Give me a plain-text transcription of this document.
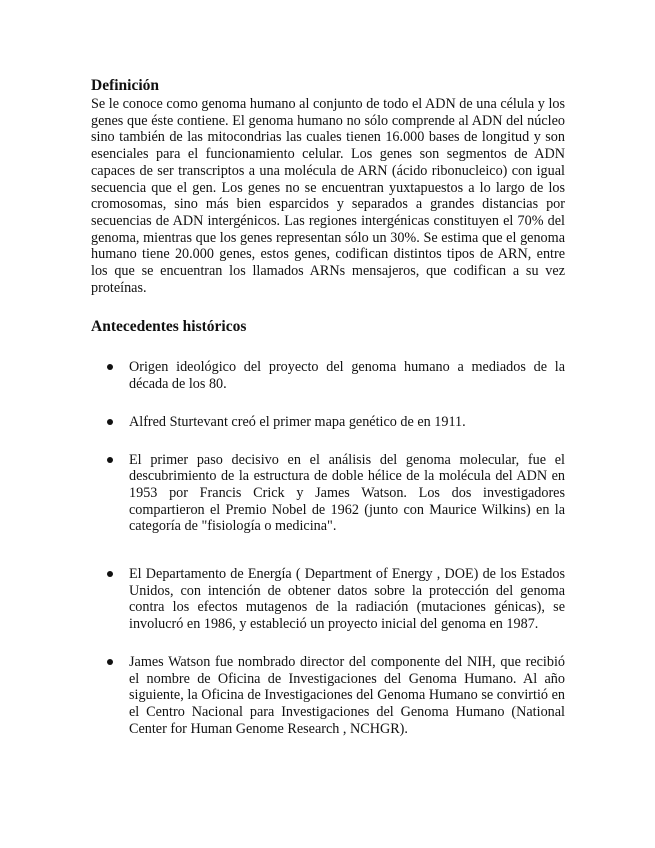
Definición

Se le conoce como genoma humano al conjunto de todo el ADN de una célula y los genes que éste contiene. El genoma humano no sólo comprende al ADN del núcleo sino también de las mitocondrias las cuales tienen 16.000 bases de longitud y son esenciales para el funcionamiento celular. Los genes son segmentos de ADN capaces de ser transcriptos a una molécula de ARN (ácido ribonucleico) con igual secuencia que el gen. Los genes no se encuentran yuxtapuestos a lo largo de los cromosomas, sino más bien esparcidos y separados a grandes distancias por secuencias de ADN intergénicos. Las regiones intergénicas constituyen el 70% del genoma, mientras que los genes representan sólo un 30%. Se estima que el genoma humano tiene 20.000 genes, estos genes, codifican distintos tipos de ARN, entre los que se encuentran los llamados ARNs mensajeros, que codifican a su vez proteínas.

Antecedentes históricos
Origen ideológico del proyecto del genoma humano a mediados de la década de los 80.
Alfred Sturtevant creó el primer mapa genético de en 1911.
El primer paso decisivo en el análisis del genoma molecular, fue el descubrimiento de la estructura de doble hélice de la molécula del ADN en 1953 por Francis Crick y James Watson. Los dos investigadores compartieron el Premio Nobel de 1962 (junto con Maurice Wilkins) en la categoría de "fisiología o medicina".
El Departamento de Energía ( Department of Energy , DOE) de los Estados Unidos, con intención de obtener datos sobre la protección del genoma contra los efectos mutagenos de la radiación (mutaciones génicas), se involucró en 1986, y estableció un proyecto inicial del genoma en 1987.
James Watson fue nombrado director del componente del NIH, que recibió el nombre de Oficina de Investigaciones del Genoma Humano. Al año siguiente, la Oficina de Investigaciones del Genoma Humano se convirtió en el Centro Nacional para Investigaciones del Genoma Humano (National Center for Human Genome Research , NCHGR).
